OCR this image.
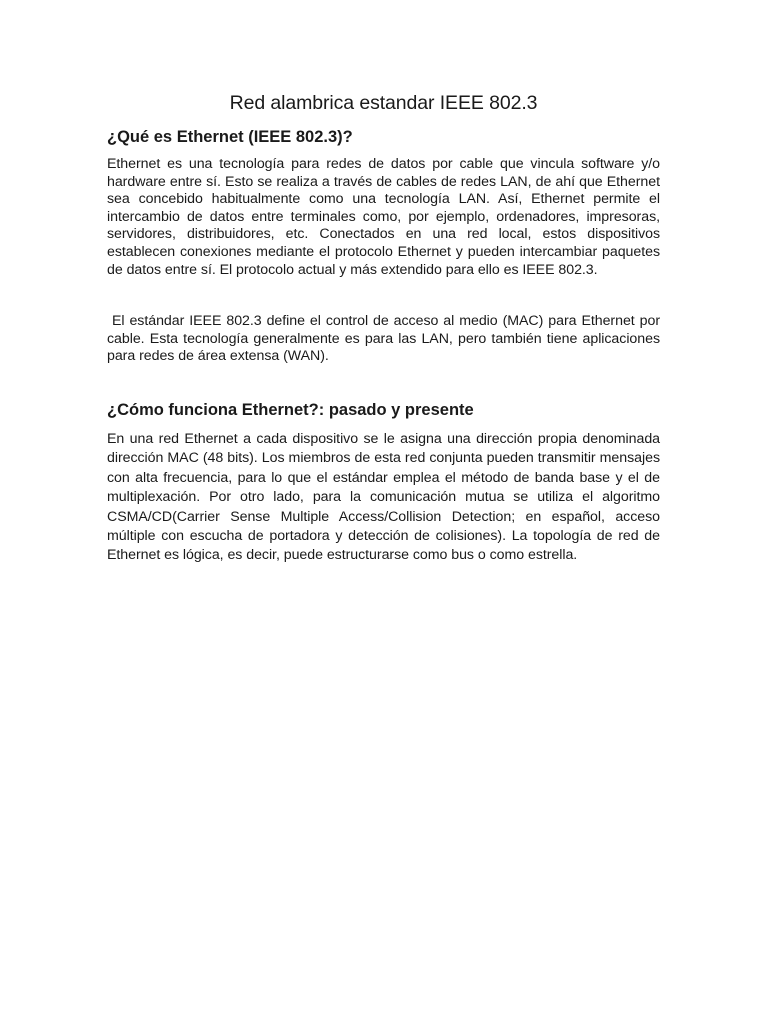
Red alambrica estandar IEEE 802.3
¿Qué es Ethernet (IEEE 802.3)?

Ethernet es una tecnología para redes de datos por cable que vincula software y/o hardware entre sí. Esto se realiza a través de cables de redes LAN, de ahí que Ethernet sea concebido habitualmente como una tecnología LAN. Así, Ethernet permite el intercambio de datos entre terminales como, por ejemplo, ordenadores, impresoras, servidores, distribuidores, etc. Conectados en una red local, estos dispositivos establecen conexiones mediante el protocolo Ethernet y pueden intercambiar paquetes de datos entre sí. El protocolo actual y más extendido para ello es IEEE 802.3.

El estándar IEEE 802.3 define el control de acceso al medio (MAC) para Ethernet por cable. Esta tecnología generalmente es para las LAN, pero también tiene aplicaciones para redes de área extensa (WAN).

¿Cómo funciona Ethernet?: pasado y presente

En una red Ethernet a cada dispositivo se le asigna una dirección propia denominada dirección MAC (48 bits). Los miembros de esta red conjunta pueden transmitir mensajes con alta frecuencia, para lo que el estándar emplea el método de banda base y el de multiplexación. Por otro lado, para la comunicación mutua se utiliza el algoritmo CSMA/CD(Carrier Sense Multiple Access/Collision Detection; en español, acceso múltiple con escucha de portadora y detección de colisiones). La topología de red de Ethernet es lógica, es decir, puede estructurarse como bus o como estrella.
